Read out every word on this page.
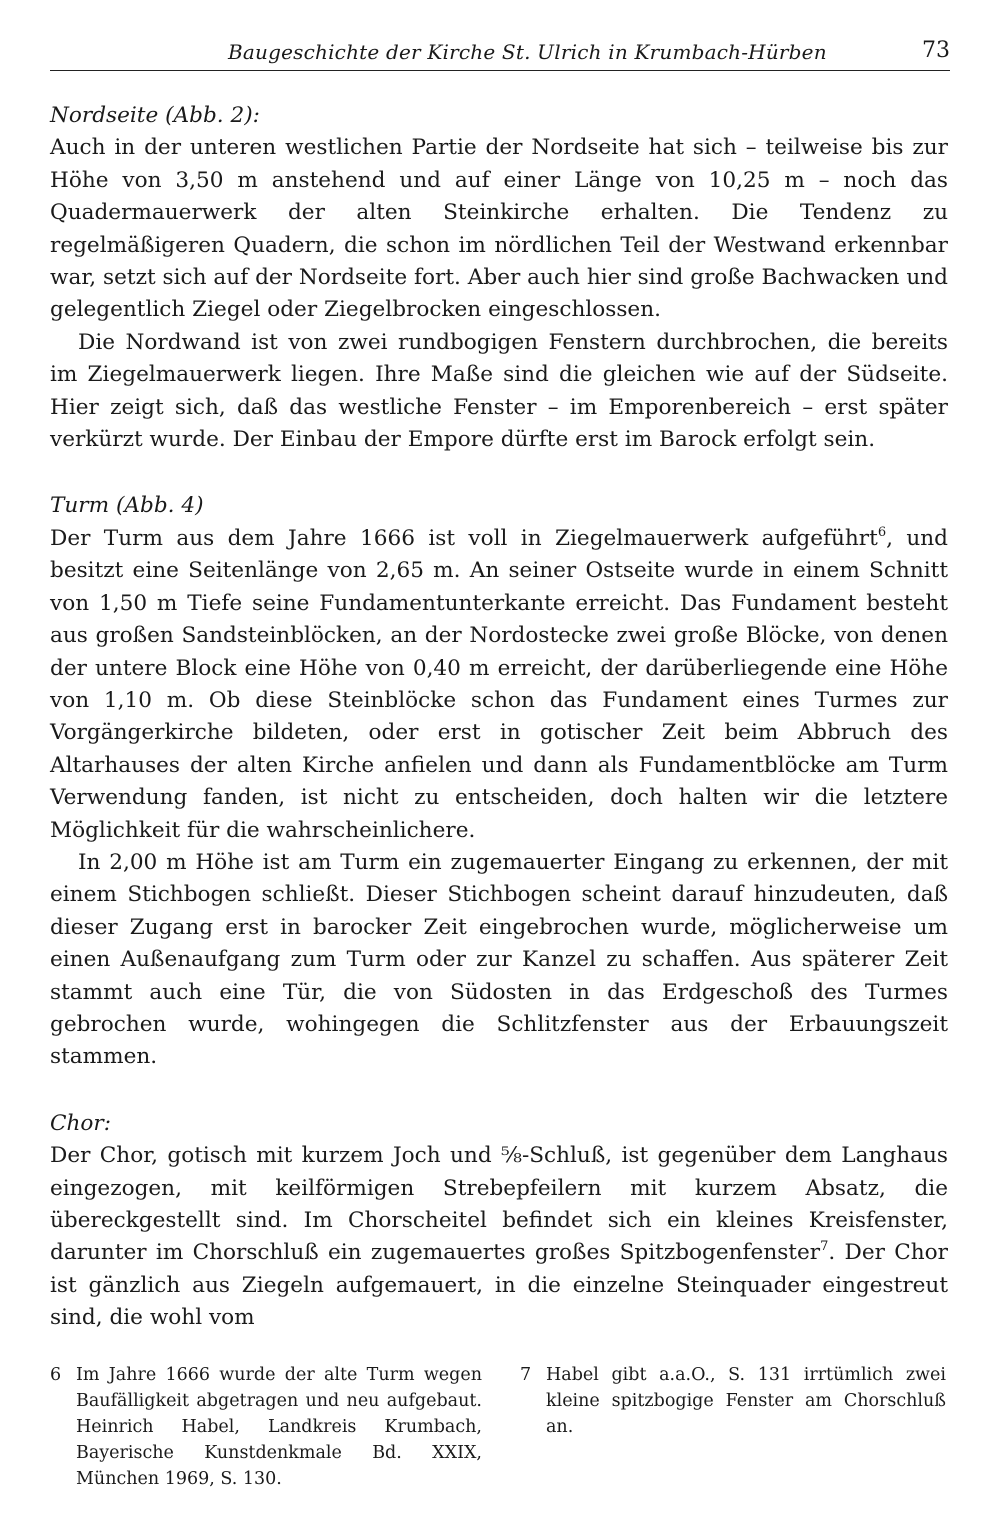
Baugeschichte der Kirche St. Ulrich in Krumbach-Hürben	73

Nordseite (Abb. 2):

Auch in der unteren westlichen Partie der Nordseite hat sich – teilweise bis zur Höhe von 3,50 m anstehend und auf einer Länge von 10,25 m – noch das Quadermauerwerk der alten Steinkirche erhalten. Die Tendenz zu regelmäßigeren Quadern, die schon im nördlichen Teil der Westwand erkennbar war, setzt sich auf der Nordseite fort. Aber auch hier sind große Bachwacken und gelegentlich Ziegel oder Ziegelbrocken eingeschlossen.

Die Nordwand ist von zwei rundbogigen Fenstern durchbrochen, die bereits im Ziegelmauerwerk liegen. Ihre Maße sind die gleichen wie auf der Südseite. Hier zeigt sich, daß das westliche Fenster – im Emporenbereich – erst später verkürzt wurde. Der Einbau der Empore dürfte erst im Barock erfolgt sein.

Turm (Abb. 4)

Der Turm aus dem Jahre 1666 ist voll in Ziegelmauerwerk aufgeführt$^6$, und besitzt eine Seitenlänge von 2,65 m. An seiner Ostseite wurde in einem Schnitt von 1,50 m Tiefe seine Fundamentunterkante erreicht. Das Fundament besteht aus großen Sandsteinblöcken, an der Nordostecke zwei große Blöcke, von denen der untere Block eine Höhe von 0,40 m erreicht, der darüberliegende eine Höhe von 1,10 m. Ob diese Steinblöcke schon das Fundament eines Turmes zur Vorgängerkirche bildeten, oder erst in gotischer Zeit beim Abbruch des Altarhauses der alten Kirche anfielen und dann als Fundamentblöcke am Turm Verwendung fanden, ist nicht zu entscheiden, doch halten wir die letztere Möglichkeit für die wahrscheinlichere.

In 2,00 m Höhe ist am Turm ein zugemauerter Eingang zu erkennen, der mit einem Stichbogen schließt. Dieser Stichbogen scheint darauf hinzudeuten, daß dieser Zugang erst in barocker Zeit eingebrochen wurde, möglicherweise um einen Außenaufgang zum Turm oder zur Kanzel zu schaffen. Aus späterer Zeit stammt auch eine Tür, die von Südosten in das Erdgeschoß des Turmes gebrochen wurde, wohingegen die Schlitzfenster aus der Erbauungszeit stammen.

Chor:

Der Chor, gotisch mit kurzem Joch und ⅝-Schluß, ist gegenüber dem Langhaus eingezogen, mit keilförmigen Strebepfeilern mit kurzem Absatz, die übereckgestellt sind. Im Chorscheitel befindet sich ein kleines Kreisfenster, darunter im Chorschluß ein zugemauertes großes Spitzbogenfenster$^7$. Der Chor ist gänzlich aus Ziegeln aufgemauert, in die einzelne Steinquader eingestreut sind, die wohl vom

6 Im Jahre 1666 wurde der alte Turm wegen Baufälligkeit abgetragen und neu aufgebaut. Heinrich Habel, Landkreis Krumbach, Bayerische Kunstdenkmale Bd. XXIX, München 1969, S. 130.
7 Habel gibt a.a.O., S. 131 irrtümlich zwei kleine spitzbogige Fenster am Chorschluß an.
